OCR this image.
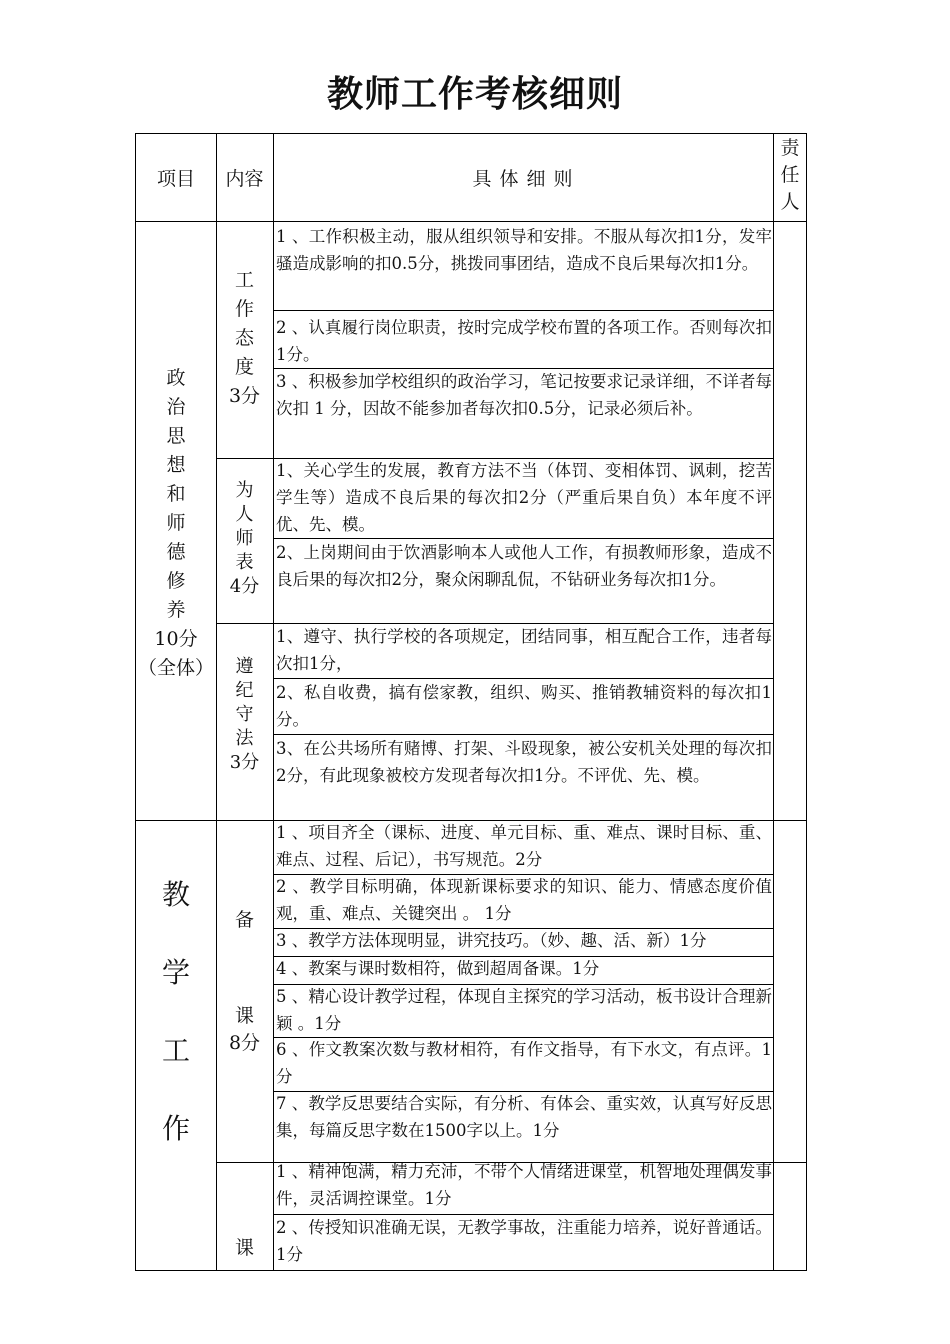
教师工作考核细则
项目	内容	具 体 细 则
责任人
政
治
思
想
和
师
德
修
养
10分
（全体）
工
作
态
度
3分
1 、工作积极主动，服从组织领导和安排。不服从每次扣1分，发牢骚造成影响的扣0.5分，挑拨同事团结，造成不良后果每次扣1分。
2 、认真履行岗位职责，按时完成学校布置的各项工作。否则每次扣1分。
3 、积极参加学校组织的政治学习，笔记按要求记录详细，不详者每次扣 1 分，因故不能参加者每次扣0.5分，记录必须后补。
为
人
师
表
4分
1、关心学生的发展，教育方法不当（体罚、变相体罚、讽刺，挖苦学生等）造成不良后果的每次扣2分（严重后果自负）本年度不评优、先、模。
2、上岗期间由于饮酒影响本人或他人工作，有损教师形象，造成不良后果的每次扣2分，聚众闲聊乱侃，不钻研业务每次扣1分。
遵
纪
守
法
3分
1、遵守、执行学校的各项规定，团结同事，相互配合工作，违者每次扣1分，
2、私自收费，搞有偿家教，组织、购买、推销教辅资料的每次扣1分。
3、在公共场所有赌博、打架、斗殴现象，被公安机关处理的每次扣2分，有此现象被校方发现者每次扣1分。不评优、先、模。
教
学
工
作
备
课
8分
1 、项目齐全（课标、进度、单元目标、重、难点、课时目标、重、难点、过程、后记），书写规范。2分
2 、教学目标明确，体现新课标要求的知识、能力、情感态度价值观，重、难点、关键突出 。 1分
3 、教学方法体现明显，讲究技巧。（妙、趣、活、新）1分
4 、教案与课时数相符，做到超周备课。1分
5 、精心设计教学过程，体现自主探究的学习活动，板书设计合理新颖 。1分
6 、作文教案次数与教材相符，有作文指导，有下水文，有点评。1分
7 、教学反思要结合实际，有分析、有体会、重实效，认真写好反思集，每篇反思字数在1500字以上。1分
课
1 、精神饱满，精力充沛，不带个人情绪进课堂，机智地处理偶发事件，灵活调控课堂。1分
2 、传授知识准确无误，无教学事故，注重能力培养，说好普通话。1分
